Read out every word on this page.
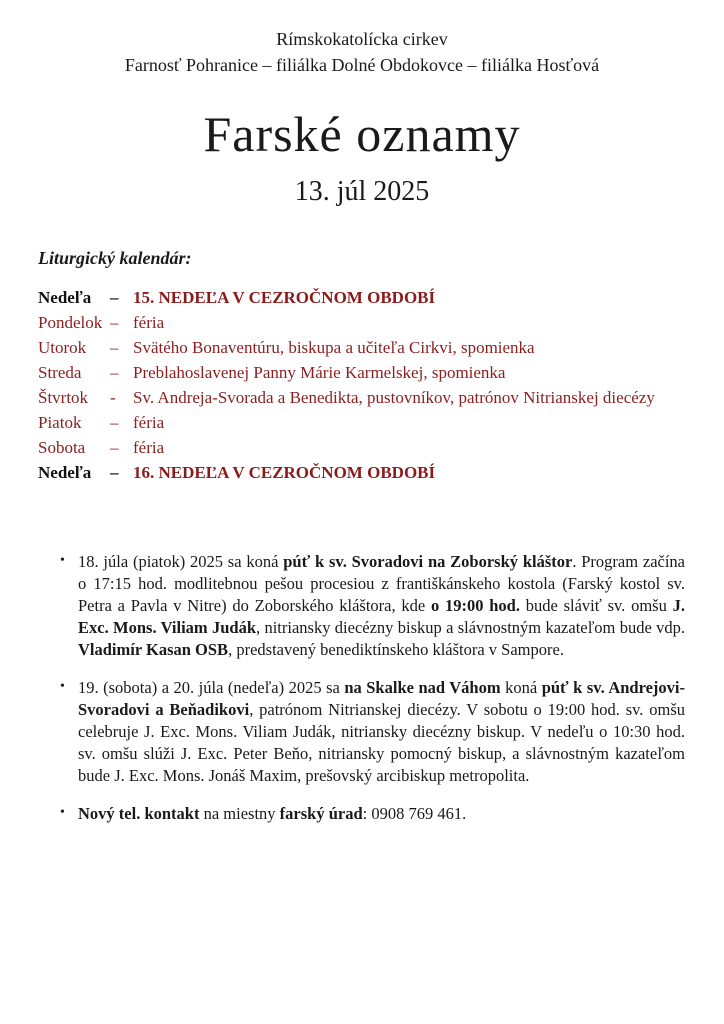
Rímskokatolícka cirkev
Farnosť Pohranice – filiálka Dolné Obdokovce – filiálka Hosťová
Farské oznamy
13. júl 2025
Liturgický kalendár:
Nedeľa	–	15. NEDEĽA V CEZROČNOM OBDOBÍ
Pondelok	–	féria
Utorok	–	Svätého Bonaventúru, biskupa a učiteľa Cirkvi, spomienka
Streda	–	Preblahoslavenej Panny Márie Karmelskej, spomienka
Štvrtok	-	Sv. Andreja-Svorada a Benedikta, pustovníkov, patrónov Nitrianskej diecézy
Piatok	–	féria
Sobota	–	féria
Nedeľa	–	16. NEDEĽA V CEZROČNOM OBDOBÍ
• 18. júla (piatok) 2025 sa koná púť k sv. Svoradovi na Zoborský kláštor. Program začína o 17:15 hod. modlitebnou pešou procesiou z františkánskeho kostola (Farský kostol sv. Petra a Pavla v Nitre) do Zoborského kláštora, kde o 19:00 hod. bude sláviť sv. omšu J. Exc. Mons. Viliam Judák, nitriansky diecézny biskup a slávnostným kazateľom bude vdp. Vladimír Kasan OSB, predstavený benediktínskeho kláštora v Sampore.
• 19. (sobota) a 20. júla (nedeľa) 2025 sa na Skalke nad Váhom koná púť k sv. Andrejovi-Svoradovi a Beňadikovi, patrónom Nitrianskej diecézy. V sobotu o 19:00 hod. sv. omšu celebruje J. Exc. Mons. Viliam Judák, nitriansky diecézny biskup. V nedeľu o 10:30 hod. sv. omšu slúži J. Exc. Peter Beňo, nitriansky pomocný biskup, a slávnostným kazateľom bude J. Exc. Mons. Jonáš Maxim, prešovský arcibiskup metropolita.
• Nový tel. kontakt na miestny farský úrad: 0908 769 461.
